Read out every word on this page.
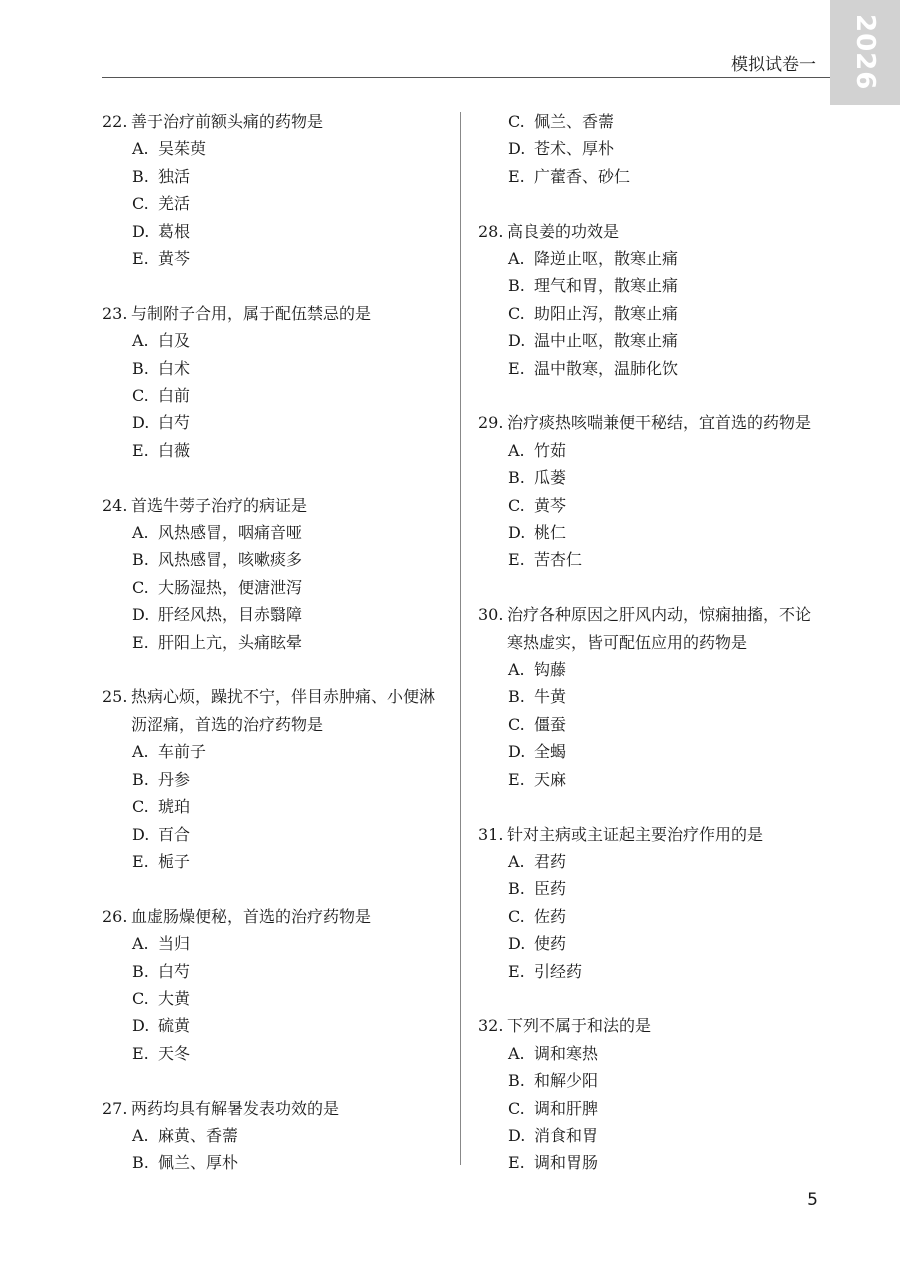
2026
模拟试卷一
22. 善于治疗前额头痛的药物是
A. 吴茱萸
B. 独活
C. 羌活
D. 葛根
E. 黄芩
23. 与制附子合用，属于配伍禁忌的是
A. 白及
B. 白术
C. 白前
D. 白芍
E. 白薇
24. 首选牛蒡子治疗的病证是
A. 风热感冒，咽痛音哑
B. 风热感冒，咳嗽痰多
C. 大肠湿热，便溏泄泻
D. 肝经风热，目赤翳障
E. 肝阳上亢，头痛眩晕
25. 热病心烦，躁扰不宁，伴目赤肿痛、小便淋沥涩痛，首选的治疗药物是
A. 车前子
B. 丹参
C. 琥珀
D. 百合
E. 栀子
26. 血虚肠燥便秘，首选的治疗药物是
A. 当归
B. 白芍
C. 大黄
D. 硫黄
E. 天冬
27. 两药均具有解暑发表功效的是
A. 麻黄、香薷
B. 佩兰、厚朴
C. 佩兰、香薷
D. 苍术、厚朴
E. 广藿香、砂仁
28. 高良姜的功效是
A. 降逆止呕，散寒止痛
B. 理气和胃，散寒止痛
C. 助阳止泻，散寒止痛
D. 温中止呕，散寒止痛
E. 温中散寒，温肺化饮
29. 治疗痰热咳喘兼便干秘结，宜首选的药物是
A. 竹茹
B. 瓜蒌
C. 黄芩
D. 桃仁
E. 苦杏仁
30. 治疗各种原因之肝风内动，惊痫抽搐，不论寒热虚实，皆可配伍应用的药物是
A. 钩藤
B. 牛黄
C. 僵蚕
D. 全蝎
E. 天麻
31. 针对主病或主证起主要治疗作用的是
A. 君药
B. 臣药
C. 佐药
D. 使药
E. 引经药
32. 下列不属于和法的是
A. 调和寒热
B. 和解少阳
C. 调和肝脾
D. 消食和胃
E. 调和胃肠
5
